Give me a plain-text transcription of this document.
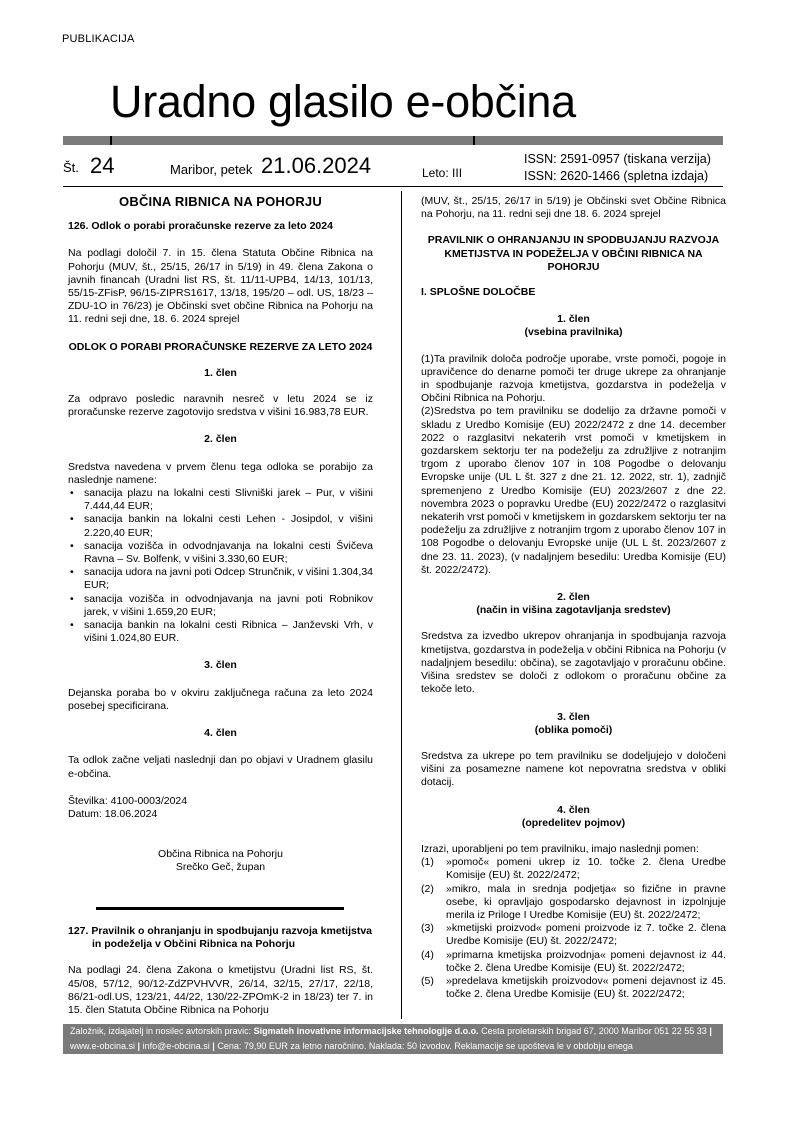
PUBLIKACIJA
Uradno glasilo e-občina
Št. 24	Maribor, petek 21.06.2024	Leto: III
ISSN: 2591-0957 (tiskana verzija)
ISSN: 2620-1466 (spletna izdaja)
OBČINA RIBNICA NA POHORJU

126. Odlok o porabi proračunske rezerve za leto 2024

Na podlagi določil 7. in 15. člena Statuta Občine Ribnica na Pohorju (MUV, št., 25/15, 26/17 in 5/19) in 49. člena Zakona o javnih financah (Uradni list RS, št. 11/11-UPB4, 14/13, 101/13, 55/15-ZFisP, 96/15-ZIPRS1617, 13/18, 195/20 – odl. US, 18/23 – ZDU-1O in 76/23) je Občinski svet občine Ribnica na Pohorju na 11. redni seji dne, 18. 6. 2024 sprejel

ODLOK O PORABI PRORAČUNSKE REZERVE ZA LETO 2024

1. člen

Za odpravo posledic naravnih nesreč v letu 2024 se iz proračunske rezerve zagotovijo sredstva v višini 16.983,78 EUR.

2. člen

Sredstva navedena v prvem členu tega odloka se porabijo za naslednje namene:

• sanacija plazu na lokalni cesti Slivniški jarek – Pur, v višini 7.444,44 EUR;
• sanacija bankin na lokalni cesti Lehen - Josipdol, v višini 2.220,40 EUR;
• sanacija vozišča in odvodnjavanja na lokalni cesti Švičeva Ravna – Sv. Bolfenk, v višini 3.330,60 EUR;
• sanacija udora na javni poti Odcep Strunčnik, v višini 1.304,34 EUR;
• sanacija vozišča in odvodnjavanja na javni poti Robnikov jarek, v višini 1.659,20 EUR;
• sanacija bankin na lokalni cesti Ribnica – Janževski Vrh, v višini 1.024,80 EUR.

3. člen

Dejanska poraba bo v okviru zaključnega računa za leto 2024 posebej specificirana.

4. člen

Ta odlok začne veljati naslednji dan po objavi v Uradnem glasilu e-občina.

Številka: 4100-0003/2024

Datum: 18.06.2024

Občina Ribnica na Pohorju

Srečko Geč, župan

127. Pravilnik o ohranjanju in spodbujanju razvoja kmetijstva in podeželja v Občini Ribnica na Pohorju

Na podlagi 24. člena Zakona o kmetijstvu (Uradni list RS, št. 45/08, 57/12, 90/12-ZdZPVHVVR, 26/14, 32/15, 27/17, 22/18, 86/21-odl.US, 123/21, 44/22, 130/22-ZPOmK-2 in 18/23) ter 7. in 15. člen Statuta Občine Ribnica na Pohorju

(MUV, št., 25/15, 26/17 in 5/19) je Občinski svet Občine Ribnica na Pohorju, na 11. redni seji dne 18. 6. 2024 sprejel

PRAVILNIK O OHRANJANJU IN SPODBUJANJU RAZVOJA KMETIJSTVA IN PODEŽELJA V OBČINI RIBNICA NA POHORJU

I. SPLOŠNE DOLOČBE

1. člen

(vsebina pravilnika)

(1)Ta pravilnik določa področje uporabe, vrste pomoči, pogoje in upravičence do denarne pomoči ter druge ukrepe za ohranjanje in spodbujanje razvoja kmetijstva, gozdarstva in podeželja v Občini Ribnica na Pohorju.

(2)Sredstva po tem pravilniku se dodelijo za državne pomoči v skladu z Uredbo Komisije (EU) 2022/2472 z dne 14. december 2022 o razglasitvi nekaterih vrst pomoči v kmetijskem in gozdarskem sektorju ter na podeželju za združljive z notranjim trgom z uporabo členov 107 in 108 Pogodbe o delovanju Evropske unije (UL L št. 327 z dne 21. 12. 2022, str. 1), zadnjič spremenjeno z Uredbo Komisije (EU) 2023/2607 z dne 22. novembra 2023 o popravku Uredbe (EU) 2022/2472 o razglasitvi nekaterih vrst pomoči v kmetijskem in gozdarskem sektorju ter na podeželju za združljive z notranjim trgom z uporabo členov 107 in 108 Pogodbe o delovanju Evropske unije (UL L št. 2023/2607 z dne 23. 11. 2023), (v nadaljnjem besedilu: Uredba Komisije (EU) št. 2022/2472).

2. člen

(način in višina zagotavljanja sredstev)

Sredstva za izvedbo ukrepov ohranjanja in spodbujanja razvoja kmetijstva, gozdarstva in podeželja v občini Ribnica na Pohorju (v nadaljnjem besedilu: občina), se zagotavljajo v proračunu občine. Višina sredstev se določi z odlokom o proračunu občine za tekoče leto.

3. člen

(oblika pomoči)

Sredstva za ukrepe po tem pravilniku se dodeljujejo v določeni višini za posamezne namene kot nepovratna sredstva v obliki dotacij.

4. člen

(opredelitev pojmov)

Izrazi, uporabljeni po tem pravilniku, imajo naslednji pomen:

(1) »pomoč« pomeni ukrep iz 10. točke 2. člena Uredbe Komisije (EU) št. 2022/2472;
(2) »mikro, mala in srednja podjetja« so fizične in pravne osebe, ki opravljajo gospodarsko dejavnost in izpolnjuje merila iz Priloge I Uredbe Komisije (EU) št. 2022/2472;
(3) »kmetijski proizvod« pomeni proizvode iz 7. točke 2. člena Uredbe Komisije (EU) št. 2022/2472;
(4) »primarna kmetijska proizvodnja« pomeni dejavnost iz 44. točke 2. člena Uredbe Komisije (EU) št. 2022/2472;
(5) »predelava kmetijskih proizvodov« pomeni dejavnost iz 45. točke 2. člena Uredbe Komisije (EU) št. 2022/2472;
Založnik, izdajatelj in nosilec avtorskih pravic: Sigmateh inovativne informacijske tehnologije d.o.o. Cesta proletarskih brigad 67, 2000 Maribor 051 22 55 33 | www.e-obcina.si | info@e-obcina.si | Cena: 79,90 EUR za letno naročnino. Naklada: 50 izvodov. Reklamacije se upošteva le v obdobju enega
